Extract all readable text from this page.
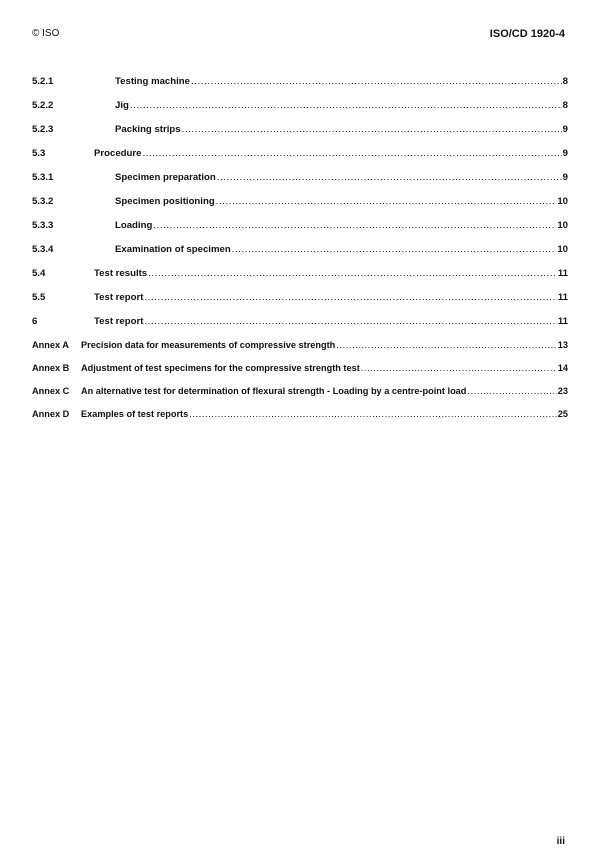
© ISO	ISO/CD 1920-4
5.2.1	Testing machine .....	8
5.2.2	Jig .....	8
5.2.3	Packing strips .....	9
5.3	Procedure .....	9
5.3.1	Specimen preparation .....	9
5.3.2	Specimen positioning .....	10
5.3.3	Loading .....	10
5.3.4	Examination of specimen .....	10
5.4	Test results .....	11
5.5	Test report .....	11
6	Test report .....	11
Annex A	Precision data for measurements of compressive strength .....	13
Annex B	Adjustment of test specimens for the compressive strength test .....	14
Annex C	An alternative test for determination of flexural strength - Loading by a centre-point load .....	23
Annex D	Examples of test reports .....	25
iii
